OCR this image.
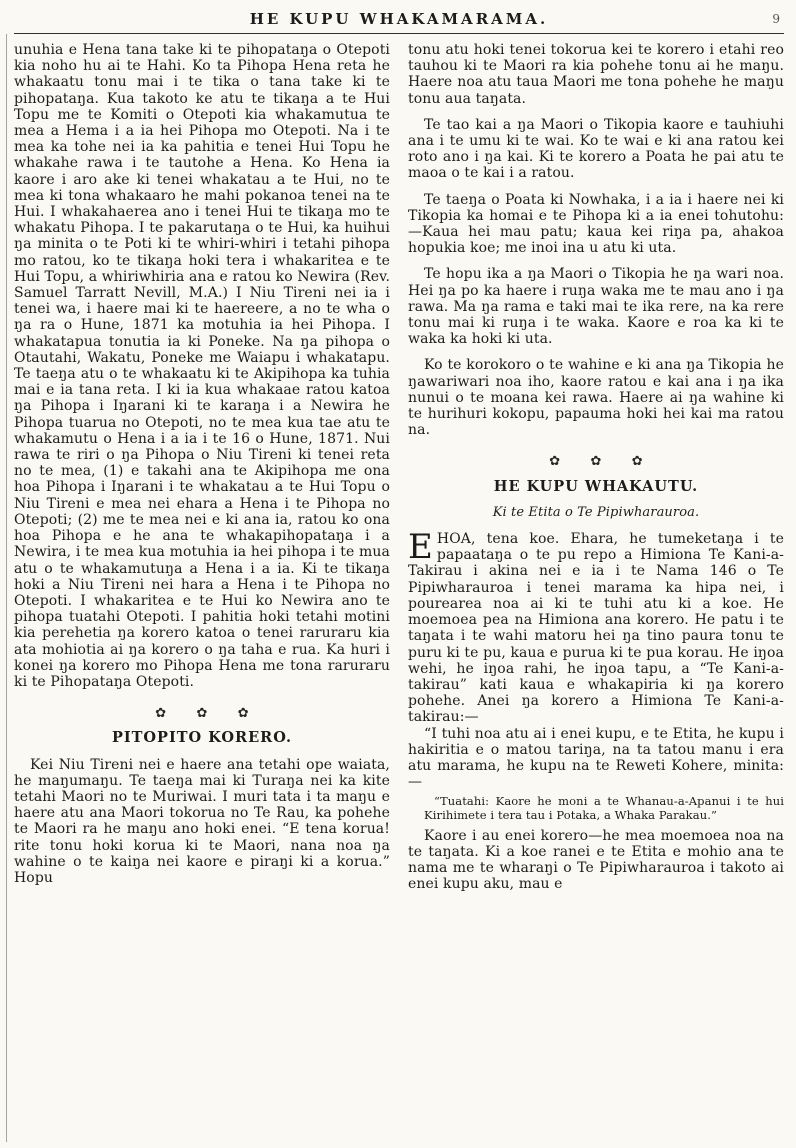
HE KUPU WHAKAMARAMA.	9

unuhia e Hena tana take ki te pihopataŋa o Otepoti kia noho hu ai te Hahi. Ko ta Pihopa Hena reta he whakaatu tonu mai i te tika o tana take ki te pihopataŋa. Kua takoto ke atu te tikaŋa a te Hui Topu me te Komiti o Otepoti kia whakamutua te mea a Hema i a ia hei Pihopa mo Otepoti. Na i te mea ka tohe nei ia ka pahitia e tenei Hui Topu he whakahe rawa i te tautohe a Hena. Ko Hena ia kaore i aro ake ki tenei whakatau a te Hui, no te mea ki tona whakaaro he mahi pokanoa tenei na te Hui. I whakahaerea ano i tenei Hui te tikaŋa mo te whakatu Pihopa. I te pakarutaŋa o te Hui, ka huihui ŋa minita o te Poti ki te whiri-whiri i tetahi pihopa mo ratou, ko te tikaŋa hoki tera i whakaritea e te Hui Topu, a whiriwhiria ana e ratou ko Newira (Rev. Samuel Tarratt Nevill, M.A.) I Niu Tireni nei ia i tenei wa, i haere mai ki te haereere, a no te wha o ŋa ra o Hune, 1871 ka motuhia ia hei Pihopa. I whakatapua tonutia ia ki Poneke. Na ŋa pihopa o Otautahi, Wakatu, Poneke me Waiapu i whakatapu. Te taeŋa atu o te whakaatu ki te Akipihopa ka tuhia mai e ia tana reta. I ki ia kua whakaae ratou katoa ŋa Pihopa i Iŋarani ki te karaŋa i a Newira he Pihopa tuarua no Otepoti, no te mea kua tae atu te whakamutu o Hena i a ia i te 16 o Hune, 1871. Nui rawa te riri o ŋa Pihopa o Niu Tireni ki tenei reta no te mea, (1) e takahi ana te Akipihopa me ona hoa Pihopa i Iŋarani i te whakatau a te Hui Topu o Niu Tireni e mea nei ehara a Hena i te Pihopa no Otepoti; (2) me te mea nei e ki ana ia, ratou ko ona hoa Pihopa e he ana te whakapihopataŋa i a Newira, i te mea kua motuhia ia hei pihopa i te mua atu o te whakamutuŋa a Hena i a ia. Ki te tikaŋa hoki a Niu Tireni nei hara a Hena i te Pihopa no Otepoti. I whakaritea e te Hui ko Newira ano te pihopa tuatahi Otepoti. I pahitia hoki tetahi motini kia perehetia ŋa korero katoa o tenei raruraru kia ata mohiotia ai ŋa korero o ŋa taha e rua. Ka huri i konei ŋa korero mo Pihopa Hena me tona raruraru ki te Pihopataŋa Otepoti.

✿ ✿ ✿
PITOPITO KORERO.

Kei Niu Tireni nei e haere ana tetahi ope waiata, he maŋumaŋu. Te taeŋa mai ki Turaŋa nei ka kite tetahi Maori no te Muriwai. I muri tata i ta maŋu e haere atu ana Maori tokorua no Te Rau, ka pohehe te Maori ra he maŋu ano hoki enei. “E tena korua! rite tonu hoki korua ki te Maori, nana noa ŋa wahine o te kaiŋa nei kaore e piraŋi ki a korua.” Hopu

tonu atu hoki tenei tokorua kei te korero i etahi reo tauhou ki te Maori ra kia pohehe tonu ai he maŋu. Haere noa atu taua Maori me tona pohehe he maŋu tonu aua taŋata.

Te tao kai a ŋa Maori o Tikopia kaore e tauhiuhi ana i te umu ki te wai. Ko te wai e ki ana ratou kei roto ano i ŋa kai. Ki te korero a Poata he pai atu te maoa o te kai i a ratou.

Te taeŋa o Poata ki Nowhaka, i a ia i haere nei ki Tikopia ka homai e te Pihopa ki a ia enei tohutohu:—Kaua hei mau patu; kaua kei riŋa pa, ahakoa hopukia koe; me inoi ina u atu ki uta.

Te hopu ika a ŋa Maori o Tikopia he ŋa wari noa. Hei ŋa po ka haere i ruŋa waka me te mau ano i ŋa rawa. Ma ŋa rama e taki mai te ika rere, na ka rere tonu mai ki ruŋa i te waka. Kaore e roa ka ki te waka ka hoki ki uta.

Ko te korokoro o te wahine e ki ana ŋa Tikopia he ŋawariwari noa iho, kaore ratou e kai ana i ŋa ika nunui o te moana kei rawa. Haere ai ŋa wahine ki te hurihuri kokopu, papauma hoki hei kai ma ratou na.

✿ ✿ ✿
HE KUPU WHAKAUTU.
Ki te Etita o Te Pipiwharauroa.

EHOA, tena koe. Ehara, he tumeketaŋa i te papaataŋa o te pu repo a Himiona Te Kani-a-Takirau i akina nei e ia i te Nama 146 o Te Pipiwharauroa i tenei marama ka hipa nei, i pourearea noa ai ki te tuhi atu ki a koe. He moemoea pea na Himiona ana korero. He patu i te taŋata i te wahi matoru hei ŋa tino paura tonu te puru ki te pu, kaua e purua ki te pua korau. He iŋoa wehi, he iŋoa rahi, he iŋoa tapu, a “Te Kani-a-takirau” kati kaua e whakapiria ki ŋa korero pohehe. Anei ŋa korero a Himiona Te Kani-a-takirau:—

“I tuhi noa atu ai i enei kupu, e te Etita, he kupu i hakiritia e o matou tariŋa, na ta tatou manu i era atu marama, he kupu na te Reweti Kohere, minita:—

“Tuatahi: Kaore he moni a te Whanau-a-Apanui i te hui Kirihimete i tera tau i Potaka, a Whaka Parakau.”

Kaore i au enei korero—he mea moemoea noa na te taŋata. Ki a koe ranei e te Etita e mohio ana te nama me te wharaŋi o Te Pipiwharauroa i takoto ai enei kupu aku, mau e
